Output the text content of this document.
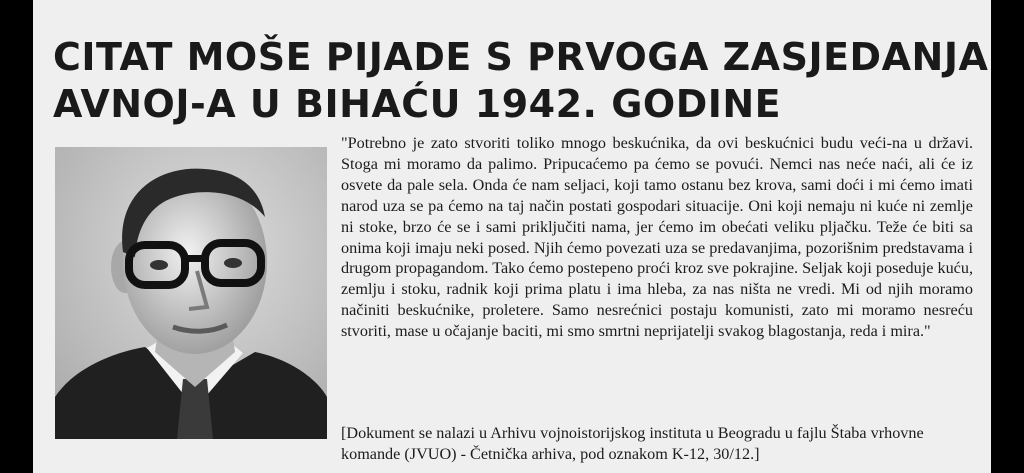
CITAT MOŠE PIJADE S PRVOGA ZASJEDANJA
AVNOJ-A U BIHAĆU 1942. GODINE

"Potrebno je zato stvoriti toliko mnogo beskućnika, da ovi beskućnici budu veći-na u državi. Stoga mi moramo da palimo. Pripucaćemo pa ćemo se povući. Nemci nas neće naći, ali će iz osvete da pale sela. Onda će nam seljaci, koji tamo ostanu bez krova, sami doći i mi ćemo imati narod uza se pa ćemo na taj način postati gospodari situacije. Oni koji nemaju ni kuće ni zemlje ni stoke, brzo će se i sami priključiti nama, jer ćemo im obećati veliku pljačku. Teže će biti sa onima koji imaju neki posed. Njih ćemo povezati uza se predavanjima, pozorišnim predstavama i drugom propagandom. Tako ćemo postepeno proći kroz sve pokrajine. Seljak koji poseduje kuću, zemlju i stoku, radnik koji prima platu i ima hleba, za nas ništa ne vredi. Mi od njih moramo načiniti beskućnike, proletere. Samo nesrećnici postaju komunisti, zato mi moramo nesreću stvoriti, mase u očajanje baciti, mi smo smrtni neprijatelji svakog blagostanja, reda i mira."

[Dokument se nalazi u Arhivu vojnoistorijskog instituta u Beogradu u fajlu Štaba vrhovne komande (JVUO) - Četnička arhiva, pod oznakom K-12, 30/12.]
